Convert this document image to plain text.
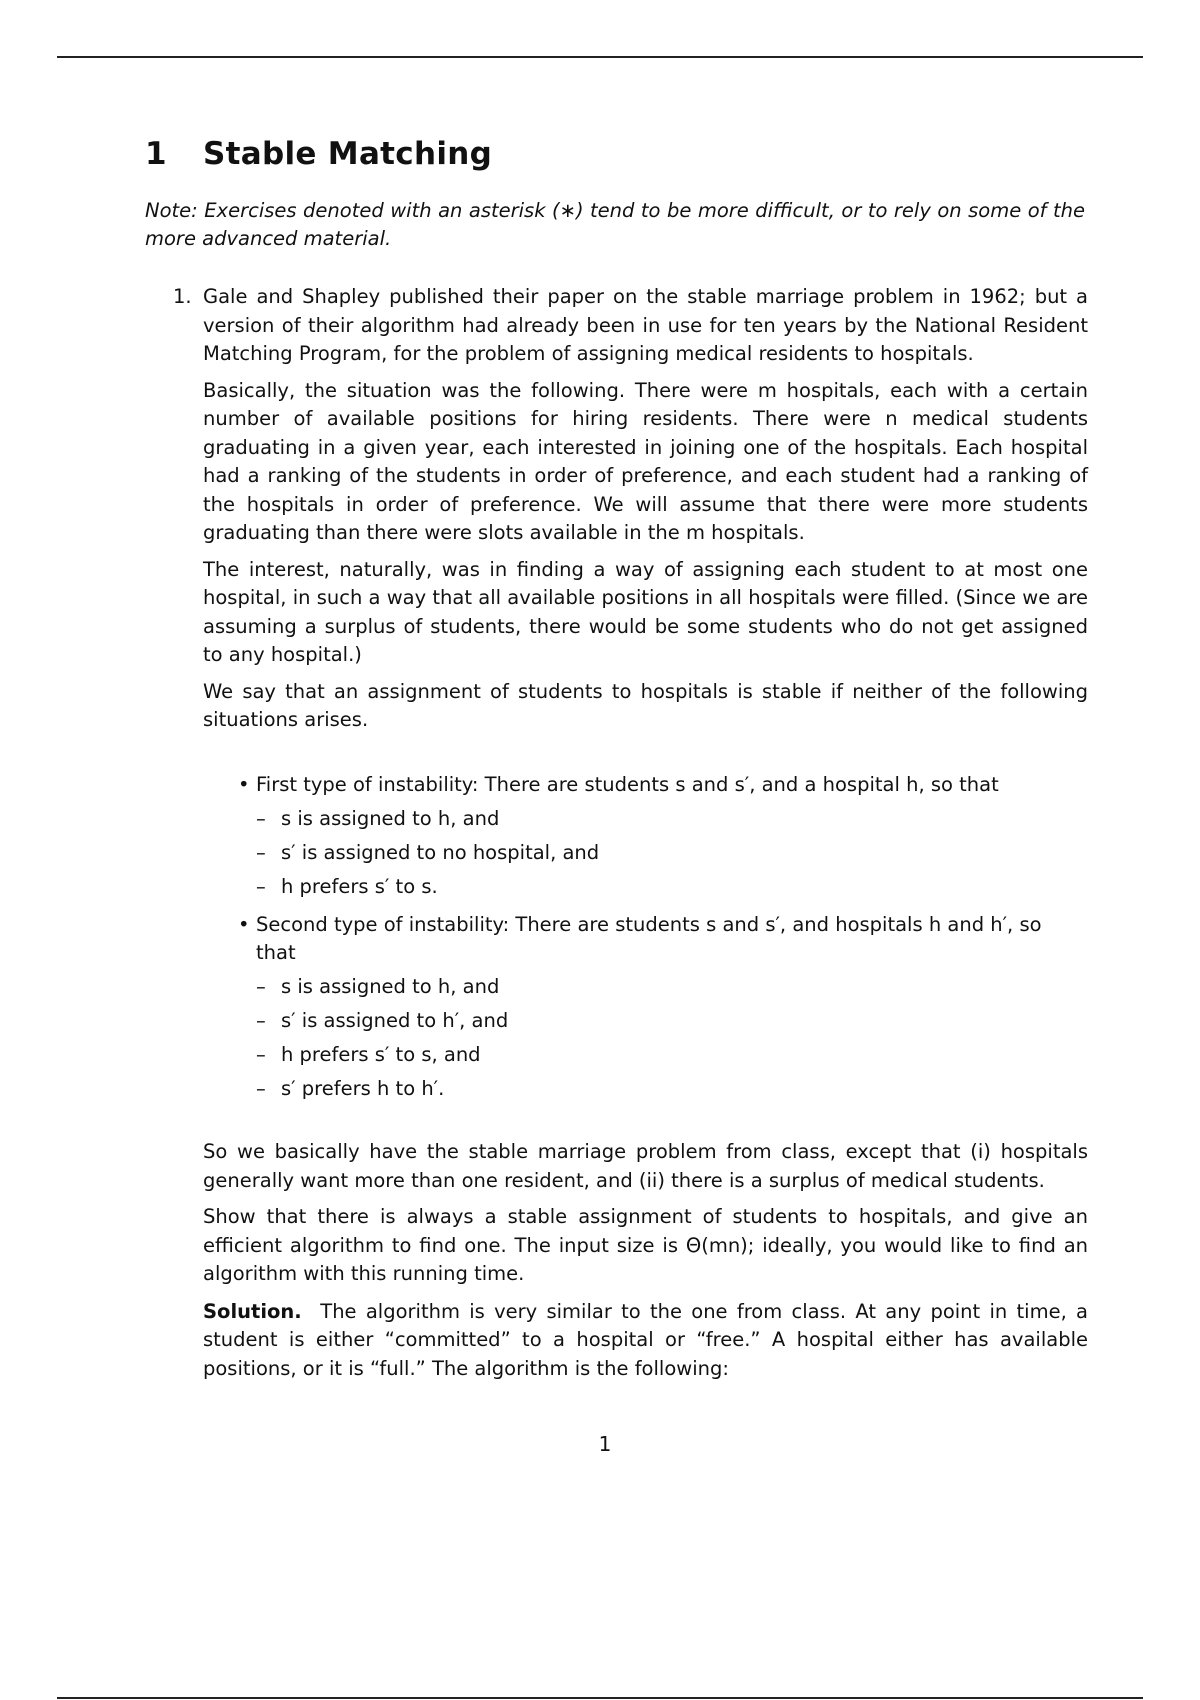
1 Stable Matching

Note: Exercises denoted with an asterisk (∗) tend to be more difficult, or to rely on some of the more advanced material.

1. Gale and Shapley published their paper on the stable marriage problem in 1962; but a version of their algorithm had already been in use for ten years by the National Resident Matching Program, for the problem of assigning medical residents to hospitals.

Basically, the situation was the following. There were m hospitals, each with a certain number of available positions for hiring residents. There were n medical students graduating in a given year, each interested in joining one of the hospitals. Each hospital had a ranking of the students in order of preference, and each student had a ranking of the hospitals in order of preference. We will assume that there were more students graduating than there were slots available in the m hospitals.

The interest, naturally, was in finding a way of assigning each student to at most one hospital, in such a way that all available positions in all hospitals were filled. (Since we are assuming a surplus of students, there would be some students who do not get assigned to any hospital.)

We say that an assignment of students to hospitals is stable if neither of the following situations arises.

• First type of instability: There are students s and s′, and a hospital h, so that
– s is assigned to h, and
– s′ is assigned to no hospital, and
– h prefers s′ to s.
• Second type of instability: There are students s and s′, and hospitals h and h′, so that
– s is assigned to h, and
– s′ is assigned to h′, and
– h prefers s′ to s, and
– s′ prefers h to h′.

So we basically have the stable marriage problem from class, except that (i) hospitals generally want more than one resident, and (ii) there is a surplus of medical students.

Show that there is always a stable assignment of students to hospitals, and give an efficient algorithm to find one. The input size is Θ(mn); ideally, you would like to find an algorithm with this running time.

Solution. The algorithm is very similar to the one from class. At any point in time, a student is either “committed” to a hospital or “free.” A hospital either has available positions, or it is “full.” The algorithm is the following:

1
